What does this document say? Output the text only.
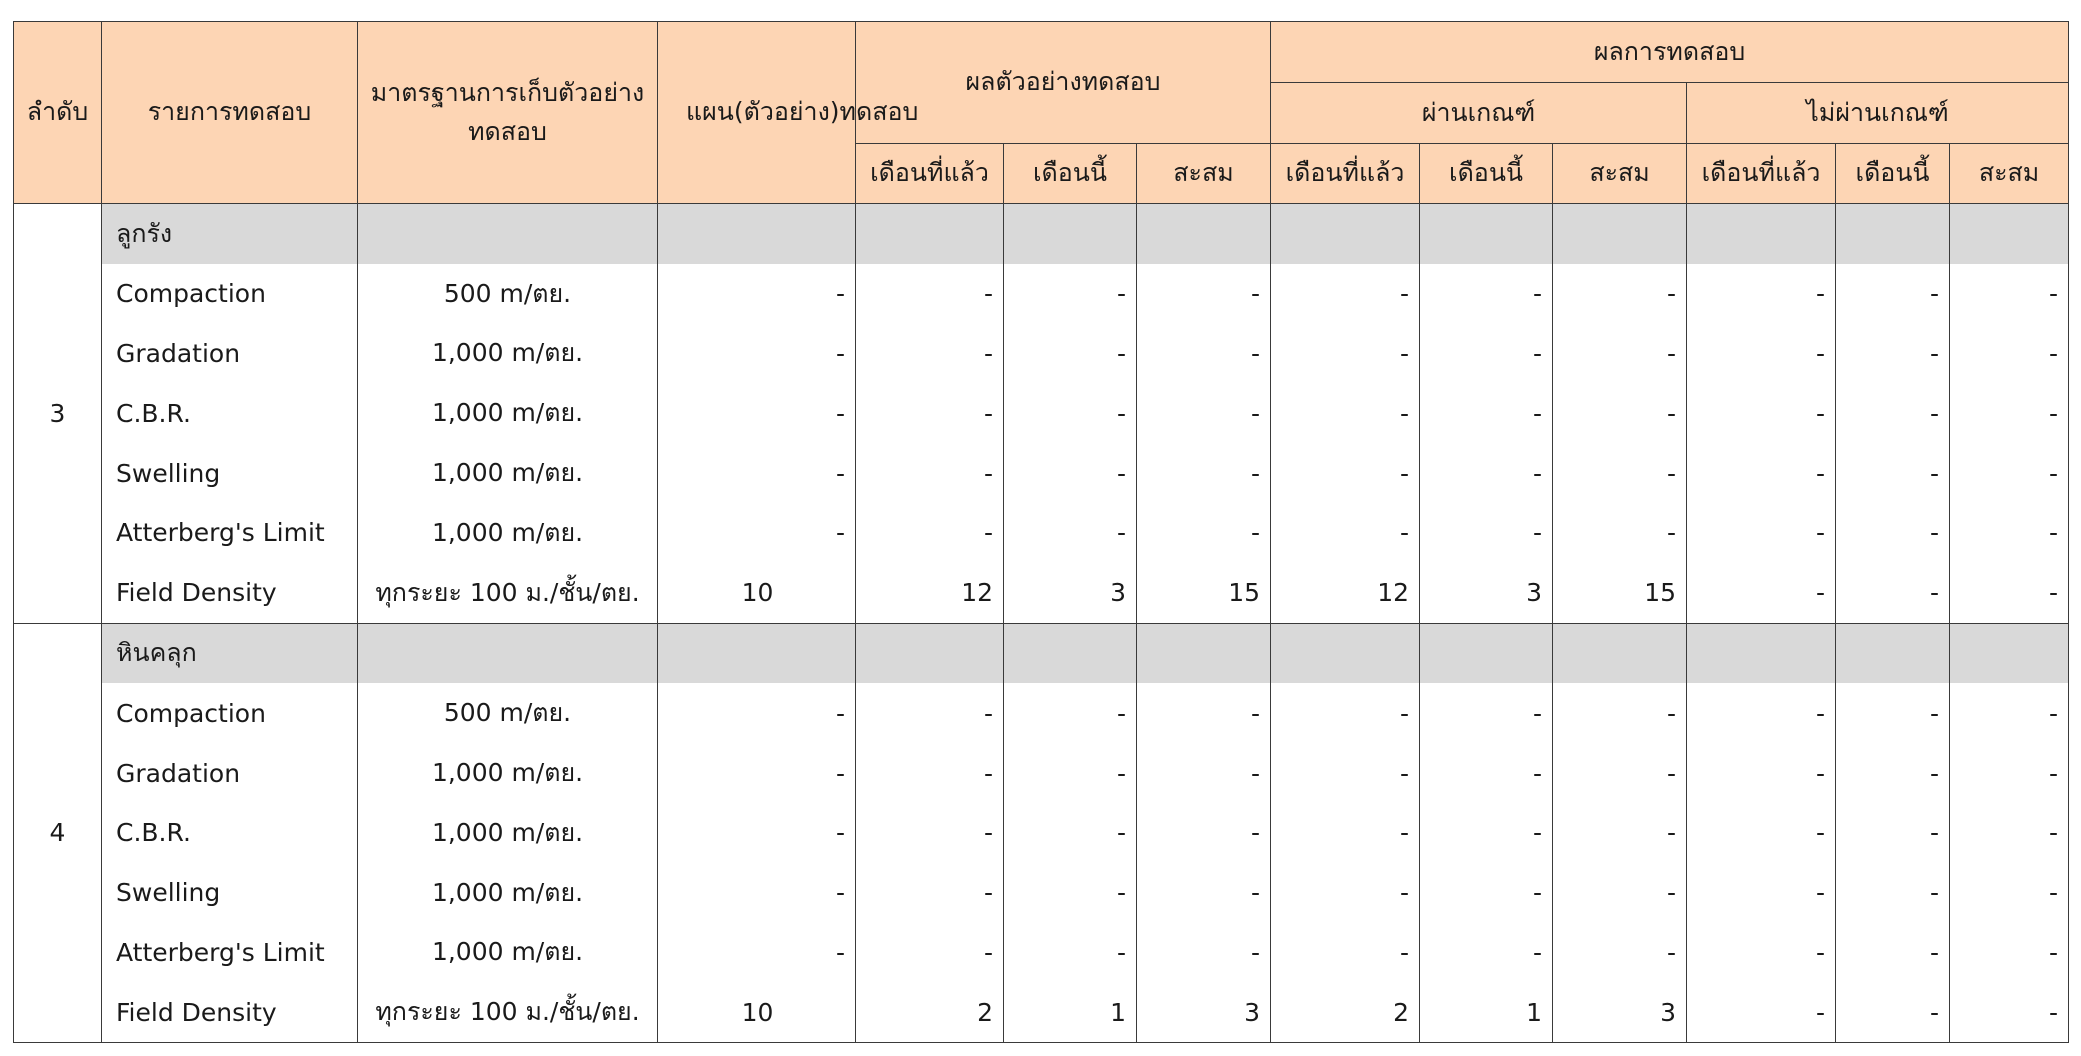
ลำดับ	รายการทดสอบ	มาตรฐานการเก็บตัวอย่างทดสอบ	แผน(ตัวอย่าง)ทดสอบ	ผลตัวอย่างทดสอบ			ผลการทดสอบ					
							ผ่านเกณฑ์			ไม่ผ่านเกณฑ์		
				เดือนที่แล้ว	เดือนนี้	สะสม	เดือนที่แล้ว	เดือนนี้	สะสม	เดือนที่แล้ว	เดือนนี้	สะสม
3	ลูกรัง											
	Compaction	500 m/ตย.	-	-	-	-	-	-	-	-	-	-
	Gradation	1,000 m/ตย.	-	-	-	-	-	-	-	-	-	-
	C.B.R.	1,000 m/ตย.	-	-	-	-	-	-	-	-	-	-
	Swelling	1,000 m/ตย.	-	-	-	-	-	-	-	-	-	-
	Atterberg's Limit	1,000 m/ตย.	-	-	-	-	-	-	-	-	-	-
	Field Density	ทุกระยะ 100 ม./ชั้น/ตย.	10	12	3	15	12	3	15	-	-	-
4	หินคลุก											
	Compaction	500 m/ตย.	-	-	-	-	-	-	-	-	-	-
	Gradation	1,000 m/ตย.	-	-	-	-	-	-	-	-	-	-
	C.B.R.	1,000 m/ตย.	-	-	-	-	-	-	-	-	-	-
	Swelling	1,000 m/ตย.	-	-	-	-	-	-	-	-	-	-
	Atterberg's Limit	1,000 m/ตย.	-	-	-	-	-	-	-	-	-	-
	Field Density	ทุกระยะ 100 ม./ชั้น/ตย.	10	2	1	3	2	1	3	-	-	-
